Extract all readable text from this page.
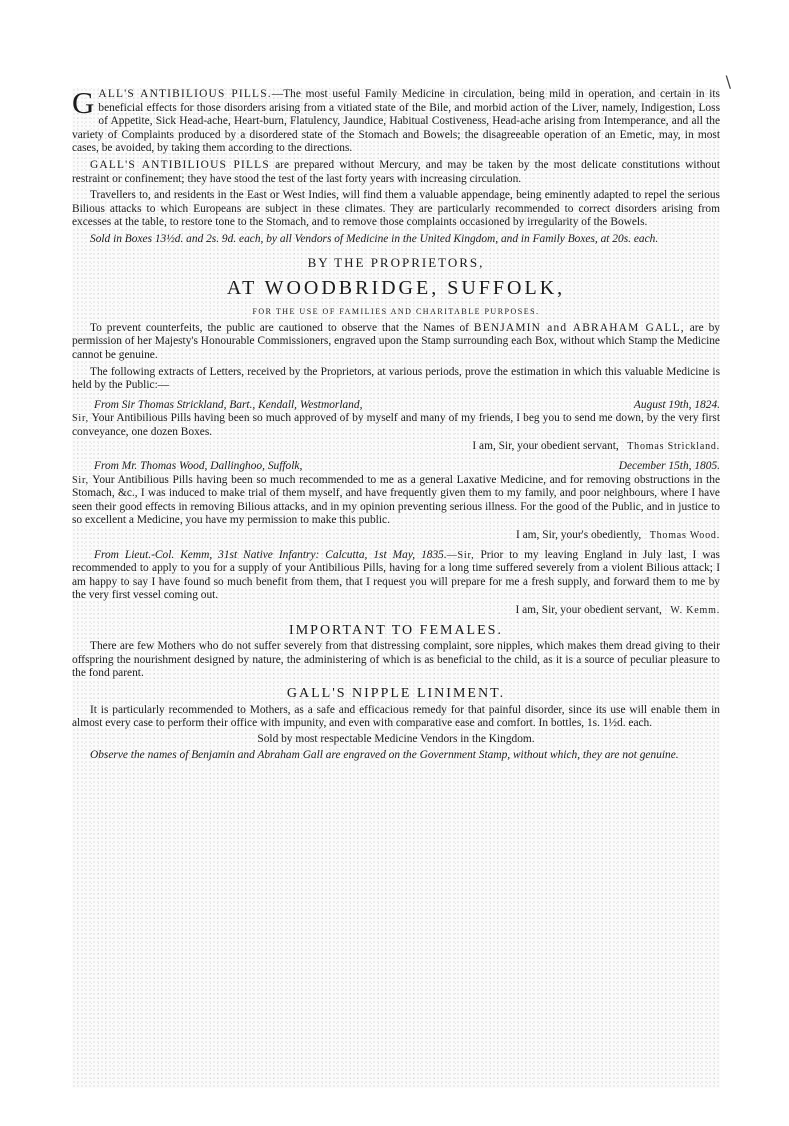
\

GALL'S ANTIBILIOUS PILLS.—The most useful Family Medicine in circulation, being mild in operation, and certain in its beneficial effects for those disorders arising from a vitiated state of the Bile, and morbid action of the Liver, namely, Indigestion, Loss of Appetite, Sick Head-ache, Heart-burn, Flatulency, Jaundice, Habitual Costiveness, Head-ache arising from Intemperance, and all the variety of Complaints produced by a disordered state of the Stomach and Bowels; the disagreeable operation of an Emetic, may, in most cases, be avoided, by taking them according to the directions.

GALL'S ANTIBILIOUS PILLS are prepared without Mercury, and may be taken by the most delicate constitutions without restraint or confinement; they have stood the test of the last forty years with increasing circulation.

Travellers to, and residents in the East or West Indies, will find them a valuable appendage, being eminently adapted to repel the serious Bilious attacks to which Europeans are subject in these climates. They are particularly recommended to correct disorders arising from excesses at the table, to restore tone to the Stomach, and to remove those complaints occasioned by irregularity of the Bowels.

Sold in Boxes 13½d. and 2s. 9d. each, by all Vendors of Medicine in the United Kingdom, and in Family Boxes, at 20s. each.

BY THE PROPRIETORS,

AT WOODBRIDGE, SUFFOLK,

FOR THE USE OF FAMILIES AND CHARITABLE PURPOSES.

To prevent counterfeits, the public are cautioned to observe that the Names of BENJAMIN and ABRAHAM GALL, are by permission of her Majesty's Honourable Commissioners, engraved upon the Stamp surrounding each Box, without which Stamp the Medicine cannot be genuine.

The following extracts of Letters, received by the Proprietors, at various periods, prove the estimation in which this valuable Medicine is held by the Public:—

From Sir Thomas Strickland, Bart., Kendall, Westmorland,	August 19th, 1824.

Sir, Your Antibilious Pills having been so much approved of by myself and many of my friends, I beg you to send me down, by the very first conveyance, one dozen Boxes.

I am, Sir, your obedient servant, Thomas Strickland.

From Mr. Thomas Wood, Dallinghoo, Suffolk,	December 15th, 1805.

Sir, Your Antibilious Pills having been so much recommended to me as a general Laxative Medicine, and for removing obstructions in the Stomach, &c., I was induced to make trial of them myself, and have frequently given them to my family, and poor neighbours, where I have seen their good effects in removing Bilious attacks, and in my opinion preventing serious illness. For the good of the Public, and in justice to so excellent a Medicine, you have my permission to make this public.

I am, Sir, your's obediently, Thomas Wood.

From Lieut.-Col. Kemm, 31st Native Infantry: Calcutta, 1st May, 1835.—Sir, Prior to my leaving England in July last, I was recommended to apply to you for a supply of your Antibilious Pills, having for a long time suffered severely from a violent Bilious attack; I am happy to say I have found so much benefit from them, that I request you will prepare for me a fresh supply, and forward them to me by the very first vessel coming out.

I am, Sir, your obedient servant, W. Kemm.

IMPORTANT TO FEMALES.

There are few Mothers who do not suffer severely from that distressing complaint, sore nipples, which makes them dread giving to their offspring the nourishment designed by nature, the administering of which is as beneficial to the child, as it is a source of peculiar pleasure to the fond parent.

GALL'S NIPPLE LINIMENT.

It is particularly recommended to Mothers, as a safe and efficacious remedy for that painful disorder, since its use will enable them in almost every case to perform their office with impunity, and even with comparative ease and comfort. In bottles, 1s. 1½d. each.

Sold by most respectable Medicine Vendors in the Kingdom.

Observe the names of Benjamin and Abraham Gall are engraved on the Government Stamp, without which, they are not genuine.
